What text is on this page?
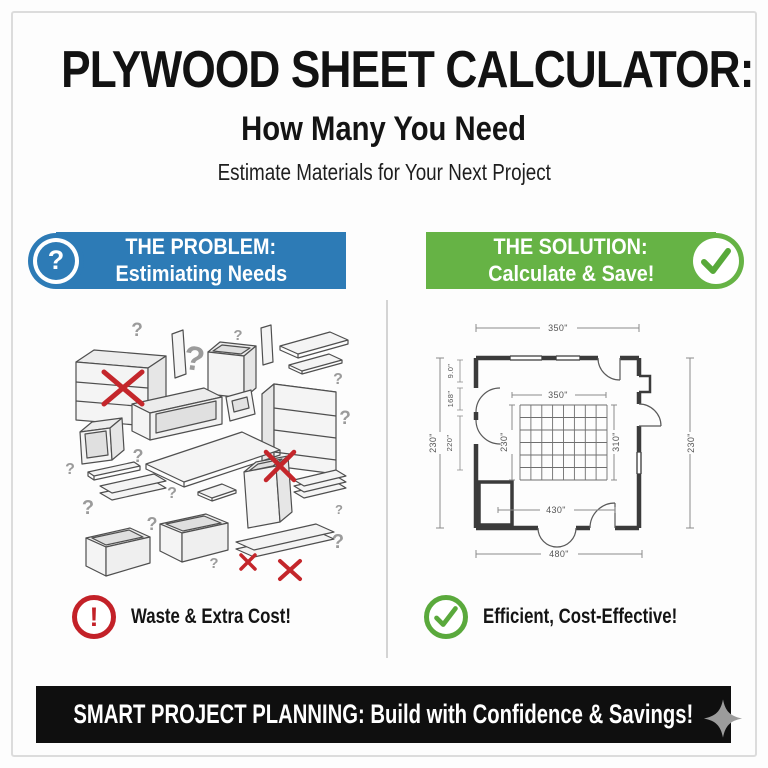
PLYWOOD SHEET CALCULATOR:
How Many You Need
Estimate Materials for Your Next Project
?	THE PROBLEM:
Estimiating Needs
THE SOLUTION:
Calculate & Save!
?
?
?
?
?
?
?
?
?
?
?
?
?
350"
480"
230"	230"
350"
230"	310"
430"
9.0"
168"
220"
!	Waste & Extra Cost!	Efficient, Cost-Effective!
SMART PROJECT PLANNING: Build with Confidence & Savings!
